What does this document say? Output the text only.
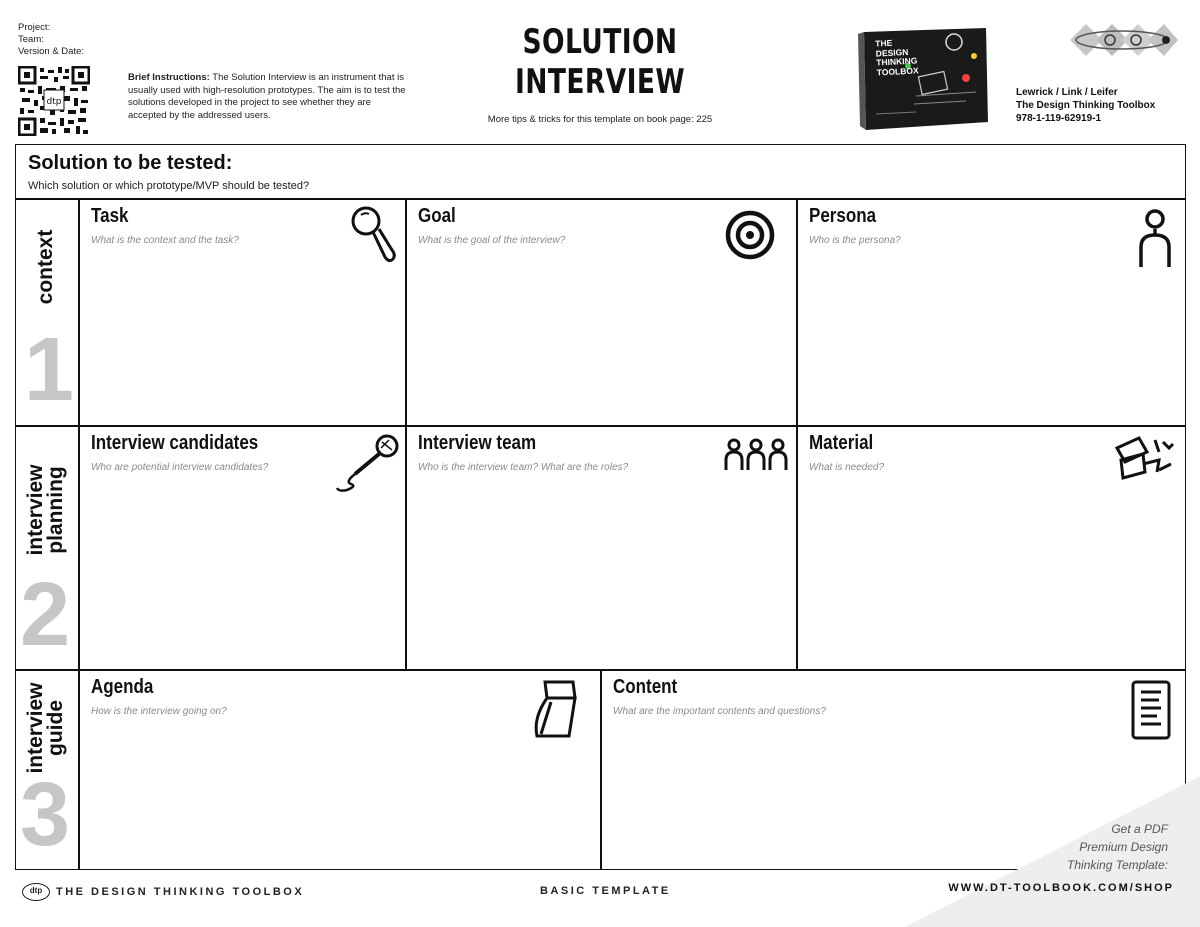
Project:
Team:
Version & Date:
dtp
Brief Instructions: The Solution Interview is an instrument that is usually used with high-resolution prototypes. The aim is to test the solutions developed in the project to see whether they are accepted by the addressed users.
SOLUTION INTERVIEW
More tips & tricks for this template on book page: 225
THE
DESIGN
THINKING
TOOLBOX
Lewrick / Link / Leifer
The Design Thinking Toolbox
978-1-119-62919-1
Solution to be tested:
Which solution or which prototype/MVP should be tested?
context
1
interview
planning
2
interview
guide
3
Task
What is the context and the task?
Goal
What is the goal of the interview?
Persona
Who is the persona?
Interview candidates
Who are potential interview candidates?
Interview team
Who is the interview team? What are the roles?
Material
What is needed?
Agenda
How is the interview going on?
Content
What are the important contents and questions?
dtp THE DESIGN THINKING TOOLBOX	BASIC TEMPLATE
Get a PDF
Premium Design
Thinking Template:
WWW.DT-TOOLBOOK.COM/SHOP
